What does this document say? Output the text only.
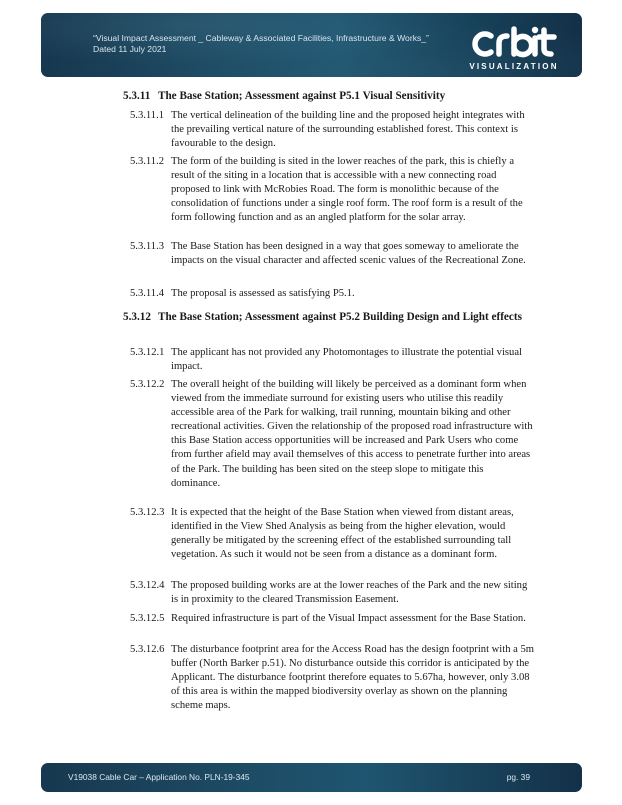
“Visual Impact Assessment _ Cableway & Associated Facilities, Infrastructure & Works_”
Dated 11 July 2021
VISUALIZATION
5.3.11 The Base Station; Assessment against P5.1 Visual Sensitivity
5.3.11.1 The vertical delineation of the building line and the proposed height integrates with the prevailing vertical nature of the surrounding established forest. This context is favourable to the design.
5.3.11.2 The form of the building is sited in the lower reaches of the park, this is chiefly a result of the siting in a location that is accessible with a new connecting road proposed to link with McRobies Road. The form is monolithic because of the consolidation of functions under a single roof form. The roof form is a result of the form following function and as an angled platform for the solar array.
5.3.11.3 The Base Station has been designed in a way that goes someway to ameliorate the impacts on the visual character and affected scenic values of the Recreational Zone.
5.3.11.4 The proposal is assessed as satisfying P5.1.
5.3.12 The Base Station; Assessment against P5.2 Building Design and Light effects
5.3.12.1 The applicant has not provided any Photomontages to illustrate the potential visual impact.
5.3.12.2 The overall height of the building will likely be perceived as a dominant form when viewed from the immediate surround for existing users who utilise this readily accessible area of the Park for walking, trail running, mountain biking and other recreational activities. Given the relationship of the proposed road infrastructure with this Base Station access opportunities will be increased and Park Users who come from further afield may avail themselves of this access to penetrate further into areas of the Park. The building has been sited on the steep slope to mitigate this dominance.
5.3.12.3 It is expected that the height of the Base Station when viewed from distant areas, identified in the View Shed Analysis as being from the higher elevation, would generally be mitigated by the screening effect of the established surrounding tall vegetation. As such it would not be seen from a distance as a dominant form.
5.3.12.4 The proposed building works are at the lower reaches of the Park and the new siting is in proximity to the cleared Transmission Easement.
5.3.12.5 Required infrastructure is part of the Visual Impact assessment for the Base Station.
5.3.12.6 The disturbance footprint area for the Access Road has the design footprint with a 5m buffer (North Barker p.51). No disturbance outside this corridor is anticipated by the Applicant. The disturbance footprint therefore equates to 5.67ha, however, only 3.08 of this area is within the mapped biodiversity overlay as shown on the planning scheme maps.
V19038 Cable Car – Application No. PLN-19-345	pg. 39
